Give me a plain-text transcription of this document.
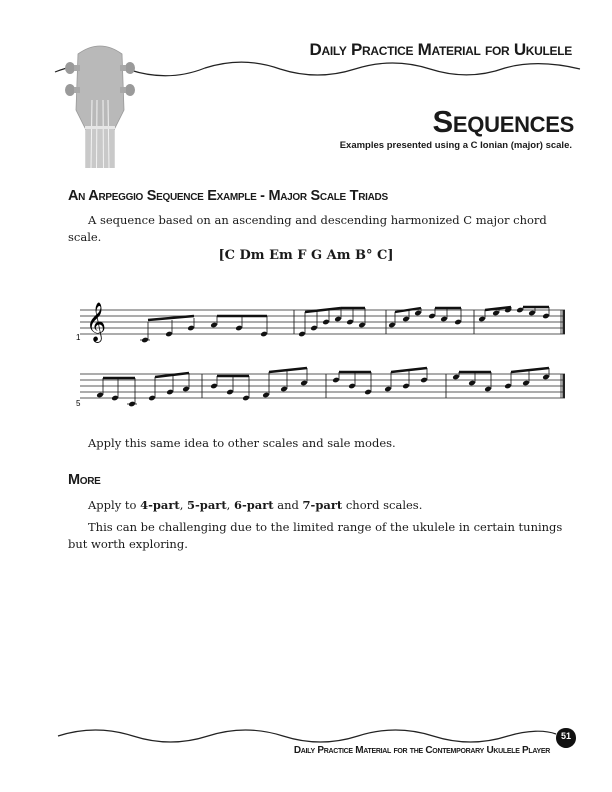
Daily Practice Material for Ukulele
Sequences
Examples presented using a C Ionian (major) scale.
An Arpeggio Sequence Example - Major Scale Triads
A sequence based on an ascending and descending harmonized C major chord scale.
[C Dm Em F G Am B° C]
𝄞
1
5
Apply this same idea to other scales and sale modes.
More
Apply to 4-part, 5-part, 6-part and 7-part chord scales.
This can be challenging due to the limited range of the ukulele in certain tunings but worth exploring.
51
Daily Practice Material for the Contemporary Ukulele Player
